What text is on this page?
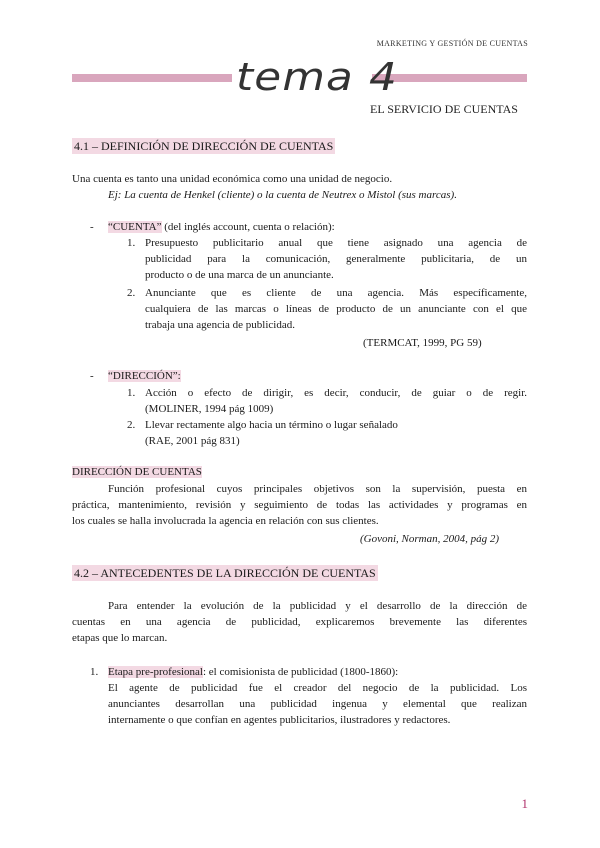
MARKETING Y GESTIÓN DE CUENTAS
tema 4
EL SERVICIO DE CUENTAS
4.1 – DEFINICIÓN DE DIRECCIÓN DE CUENTAS
Una cuenta es tanto una unidad económica como una unidad de negocio.
Ej: La cuenta de Henkel (cliente) o la cuenta de Neutrex o Mistol (sus marcas).
- “CUENTA” (del inglés account, cuenta o relación):
1. Presupuesto publicitario anual que tiene asignado una agencia de
publicidad para la comunicación, generalmente publicitaria, de un
producto o de una marca de un anunciante.
2. Anunciante que es cliente de una agencia. Más específicamente,
cualquiera de las marcas o líneas de producto de un anunciante con el que
trabaja una agencia de publicidad.
(TERMCAT, 1999, PG 59)
- “DIRECCIÓN”:
1. Acción o efecto de dirigir, es decir, conducir, de guiar o de regir.
(MOLINER, 1994 pág 1009)
2. Llevar rectamente algo hacia un término o lugar señalado
(RAE, 2001 pág 831)
DIRECCIÓN DE CUENTAS
Función profesional cuyos principales objetivos son la supervisión, puesta en
práctica, mantenimiento, revisión y seguimiento de todas las actividades y programas en
los cuales se halla involucrada la agencia en relación con sus clientes.
(Govoni, Norman, 2004, pág 2)
4.2 – ANTECEDENTES DE LA DIRECCIÓN DE CUENTAS
Para entender la evolución de la publicidad y el desarrollo de la dirección de
cuentas en una agencia de publicidad, explicaremos brevemente las diferentes
etapas que lo marcan.
1. Etapa pre-profesional: el comisionista de publicidad (1800-1860):
El agente de publicidad fue el creador del negocio de la publicidad. Los
anunciantes desarrollan una publicidad ingenua y elemental que realizan
internamente o que confían en agentes publicitarios, ilustradores y redactores.
1
